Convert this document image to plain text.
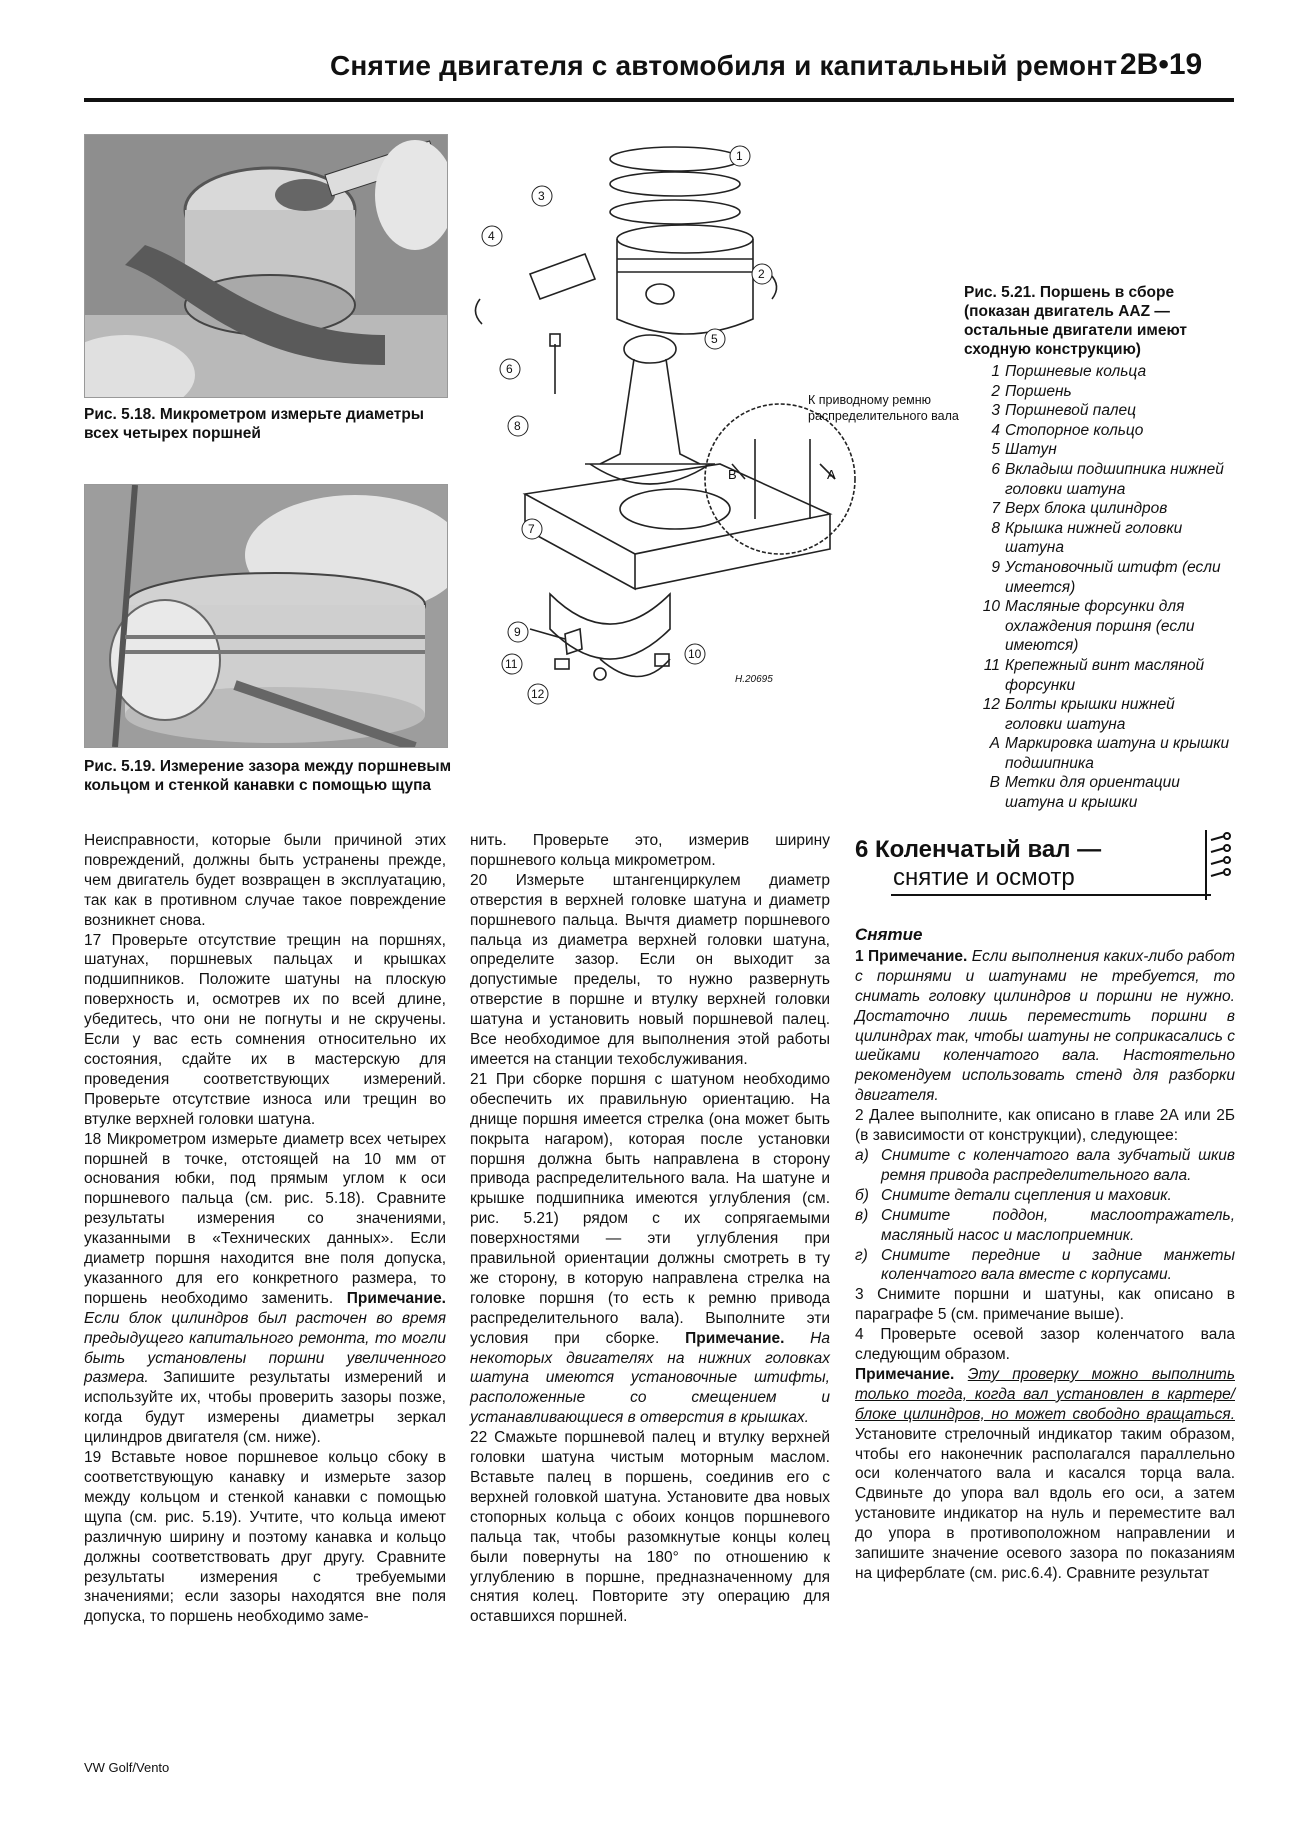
Снятие двигателя с автомобиля и капитальный ремонт 2B•19
Рис. 5.18. Микрометром измерьте диаметры всех четырех поршней
Рис. 5.19. Измерение зазора между поршневым кольцом и стенкой канавки с помощью щупа
1
2
3
4
5
6
7
8
9
10
11
12
A
B
H.20695
К приводному ремню распределительного вала
Рис. 5.21. Поршень в сборе (показан двигатель AAZ — остальные двигатели имеют сходную конструкцию)
1 Поршневые кольца
2 Поршень
3 Поршневой палец
4 Стопорное кольцо
5 Шатун
6 Вкладыш подшипника нижней головки шатуна
7 Верх блока цилиндров
8 Крышка нижней головки шатуна
9 Установочный штифт (если имеется)
10 Масляные форсунки для охлаждения поршня (если имеются)
11 Крепежный винт масляной форсунки
12 Болты крышки нижней головки шатуна
А Маркировка шатуна и крышки подшипника
В Метки для ориентации шатуна и крышки

Неисправности, которые были причиной этих повреждений, должны быть устранены прежде, чем двигатель будет возвращен в эксплуатацию, так как в противном случае такое повреждение возникнет снова.

17 Проверьте отсутствие трещин на поршнях, шатунах, поршневых пальцах и крышках подшипников. Положите шатуны на плоскую поверхность и, осмотрев их по всей длине, убедитесь, что они не погнуты и не скручены. Если у вас есть сомнения относительно их состояния, сдайте их в мастерскую для проведения соответствующих измерений. Проверьте отсутствие износа или трещин во втулке верхней головки шатуна.

18 Микрометром измерьте диаметр всех четырех поршней в точке, отстоящей на 10 мм от основания юбки, под прямым углом к оси поршневого пальца (см. рис. 5.18). Сравните результаты измерения со значениями, указанными в «Технических данных». Если диаметр поршня находится вне поля допуска, указанного для его конкретного размера, то поршень необходимо заменить. Примечание. Если блок цилиндров был расточен во время предыдущего капитального ремонта, то могли быть установлены поршни увеличенного размера. Запишите результаты измерений и используйте их, чтобы проверить зазоры позже, когда будут измерены диаметры зеркал цилиндров двигателя (см. ниже).

19 Вставьте новое поршневое кольцо сбоку в соответствующую канавку и измерьте зазор между кольцом и стенкой канавки с помощью щупа (см. рис. 5.19). Учтите, что кольца имеют различную ширину и поэтому канавка и кольцо должны соответствовать друг другу. Сравните результаты измерения с требуемыми значениями; если зазоры находятся вне поля допуска, то поршень необходимо заме-

нить. Проверьте это, измерив ширину поршневого кольца микрометром.

20 Измерьте штангенциркулем диаметр отверстия в верхней головке шатуна и диаметр поршневого пальца. Вычтя диаметр поршневого пальца из диаметра верхней головки шатуна, определите зазор. Если он выходит за допустимые пределы, то нужно развернуть отверстие в поршне и втулку верхней головки шатуна и установить новый поршневой палец. Все необходимое для выполнения этой работы имеется на станции техобслуживания.

21 При сборке поршня с шатуном необходимо обеспечить их правильную ориентацию. На днище поршня имеется стрелка (она может быть покрыта нагаром), которая после установки поршня должна быть направлена в сторону привода распределительного вала. На шатуне и крышке подшипника имеются углубления (см. рис. 5.21) рядом с их сопрягаемыми поверхностями — эти углубления при правильной ориентации должны смотреть в ту же сторону, в которую направлена стрелка на головке поршня (то есть к ремню привода распределительного вала). Выполните эти условия при сборке. Примечание. На некоторых двигателях на нижних головках шатуна имеются установочные штифты, расположенные со смещением и устанавливающиеся в отверстия в крышках.

22 Смажьте поршневой палец и втулку верхней головки шатуна чистым моторным маслом. Вставьте палец в поршень, соединив его с верхней головкой шатуна. Установите два новых стопорных кольца с обоих концов поршневого пальца так, чтобы разомкнутые концы колец были повернуты на 180° по отношению к углублению в поршне, предназначенному для снятия колец. Повторите эту операцию для оставшихся поршней.

6 Коленчатый вал —
снятие и осмотр

Снятие

1 Примечание. Если выполнения каких-либо работ с поршнями и шатунами не требуется, то снимать головку цилиндров и поршни не нужно. Достаточно лишь переместить поршни в цилиндрах так, чтобы шатуны не соприкасались с шейками коленчатого вала. Настоятельно рекомендуем использовать стенд для разборки двигателя.

2 Далее выполните, как описано в главе 2А или 2Б (в зависимости от конструкции), следующее:

а) Снимите с коленчатого вала зубчатый шкив ремня привода распределительного вала.
б) Снимите детали сцепления и маховик.
в) Снимите поддон, маслоотражатель, масляный насос и маслоприемник.
г) Снимите передние и задние манжеты коленчатого вала вместе с корпусами.

3 Снимите поршни и шатуны, как описано в параграфе 5 (см. примечание выше).

4 Проверьте осевой зазор коленчатого вала следующим образом.

Примечание. Эту проверку можно выполнить только тогда, когда вал установлен в картере/блоке цилиндров, но может свободно вращаться. Установите стрелочный индикатор таким образом, чтобы его наконечник располагался параллельно оси коленчатого вала и касался торца вала. Сдвиньте до упора вал вдоль его оси, а затем установите индикатор на нуль и переместите вал до упора в противоположном направлении и запишите значение осевого зазора по показаниям на циферблате (см. рис.6.4). Сравните результат

VW Golf/Vento
